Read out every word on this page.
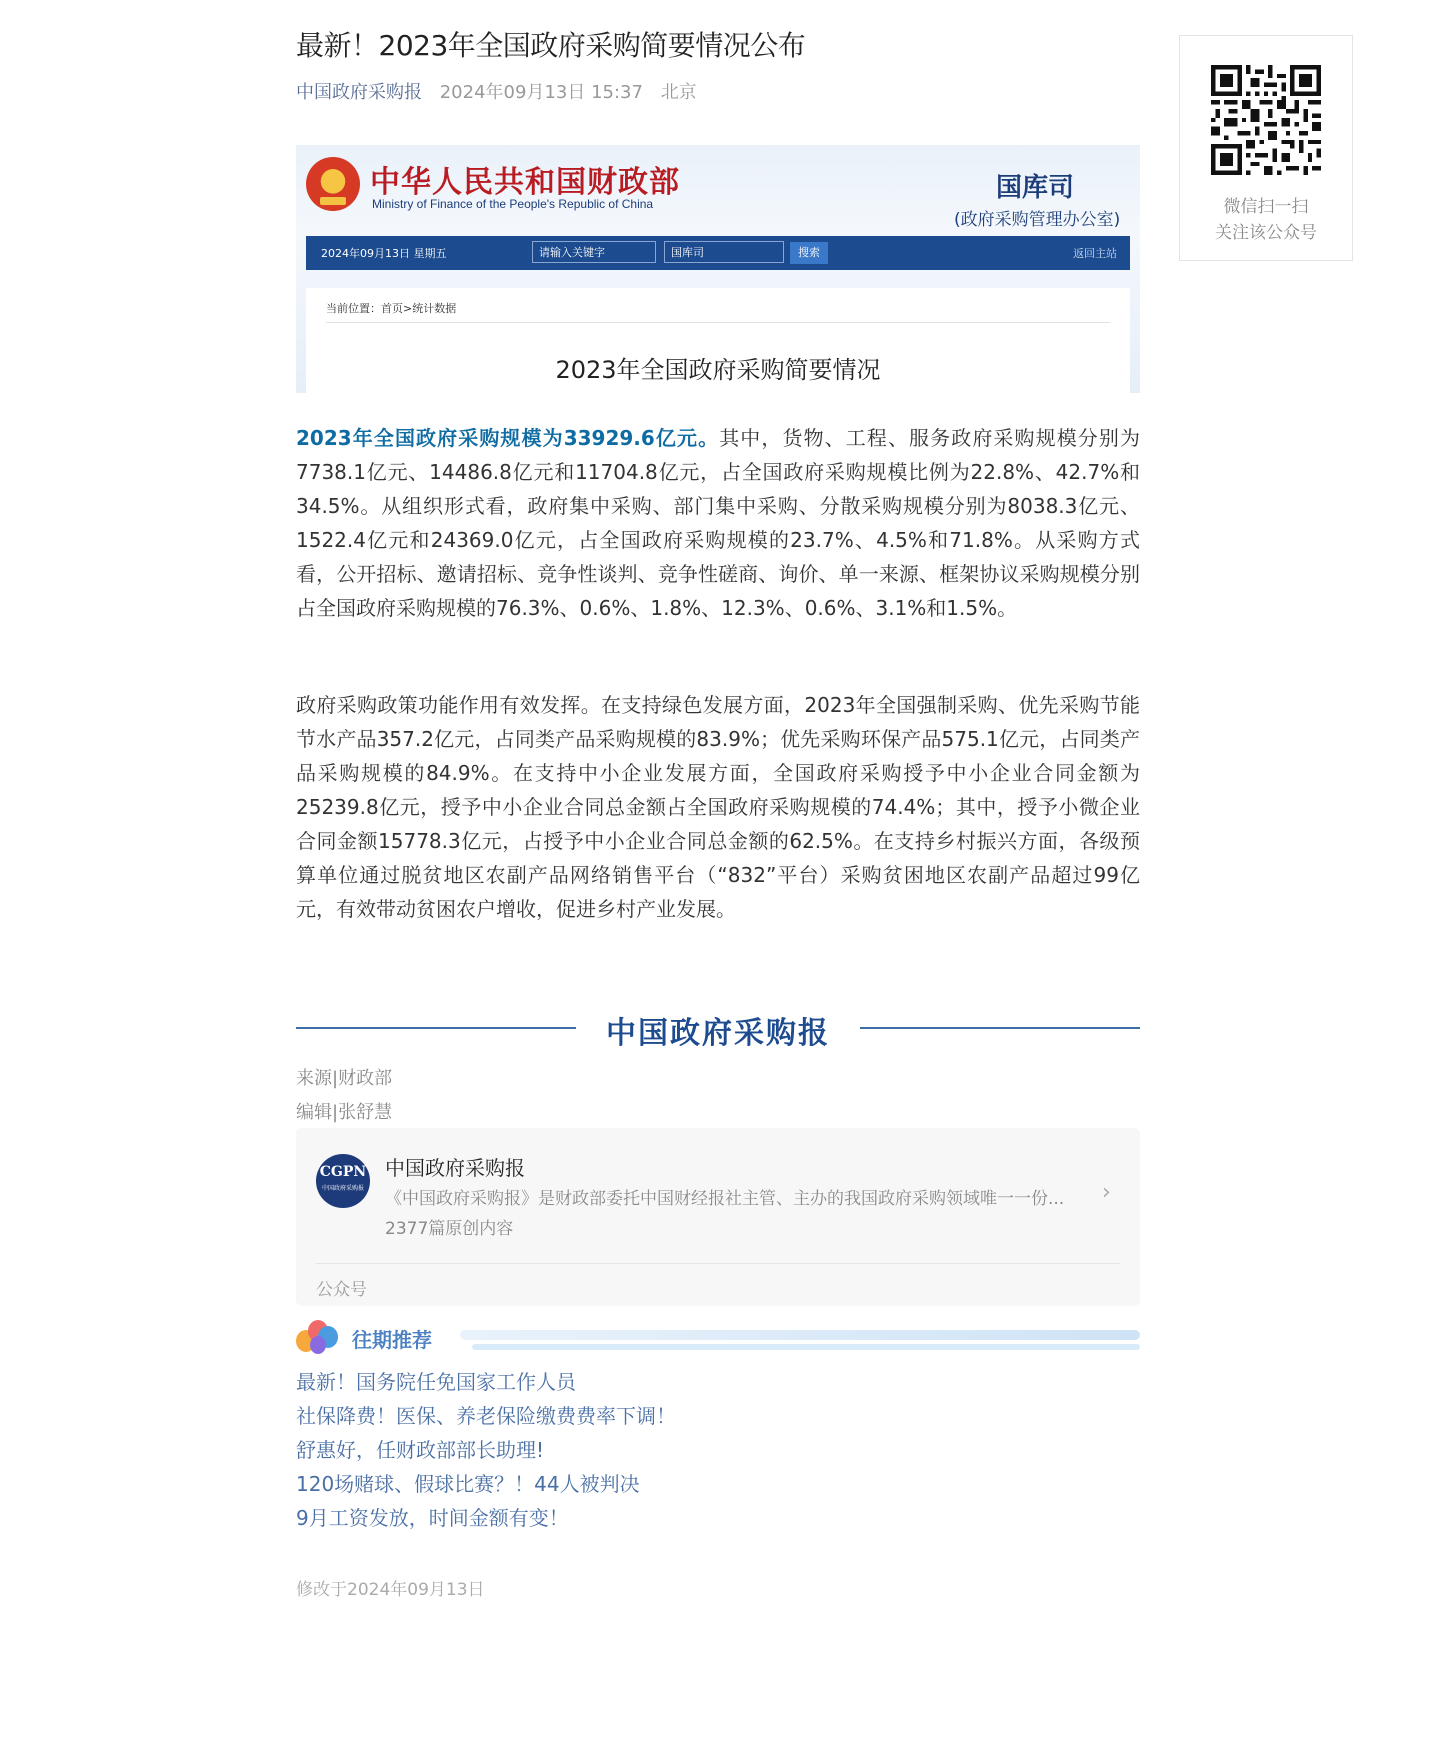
最新！2023年全国政府采购简要情况公布
中国政府采购报 2024年09月13日 15:37 北京
中华人民共和国财政部
Ministry of Finance of the People's Republic of China
国库司
(政府采购管理办公室)
2024年09月13日 星期五	请输入关键字	国库司	搜索	返回主站
当前位置：首页>统计数据
2023年全国政府采购简要情况
2023年全国政府采购规模为33929.6亿元。其中，货物、工程、服务政府采购规模分别为 7738.1亿元、14486.8亿元和11704.8亿元，占全国政府采购规模比例为22.8%、42.7%和34.5%。从组织形式看，政府集中采购、部门集中采购、分散采购规模分别为8038.3亿元、1522.4亿元和24369.0亿元，占全国政府采购规模的23.7%、4.5%和71.8%。从采购方式看，公开招标、邀请招标、竞争性谈判、竞争性磋商、询价、单一来源、框架协议采购规模分别占全国政府采购规模的76.3%、0.6%、1.8%、12.3%、0.6%、3.1%和1.5%。
政府采购政策功能作用有效发挥。在支持绿色发展方面，2023年全国强制采购、优先采购节能节水产品357.2亿元，占同类产品采购规模的83.9%；优先采购环保产品575.1亿元，占同类产品采购规模的84.9%。在支持中小企业发展方面，全国政府采购授予中小企业合同金额为25239.8亿元，授予中小企业合同总金额占全国政府采购规模的74.4%；其中，授予小微企业合同金额15778.3亿元，占授予中小企业合同总金额的62.5%。在支持乡村振兴方面，各级预算单位通过脱贫地区农副产品网络销售平台（“832”平台）采购贫困地区农副产品超过99亿元，有效带动贫困农户增收，促进乡村产业发展。
中国政府采购报
来源|财政部
编辑|张舒慧
CGPN
中国政府采购报
中国政府采购报
《中国政府采购报》是财政部委托中国财经报社主管、主办的我国政府采购领域唯一一份...
2377篇原创内容
›
公众号
往期推荐
最新！国务院任免国家工作人员
社保降费！医保、养老保险缴费费率下调！
舒惠好，任财政部部长助理!
120场赌球、假球比赛？！44人被判决
9月工资发放，时间金额有变！
修改于2024年09月13日
微信扫一扫
关注该公众号
